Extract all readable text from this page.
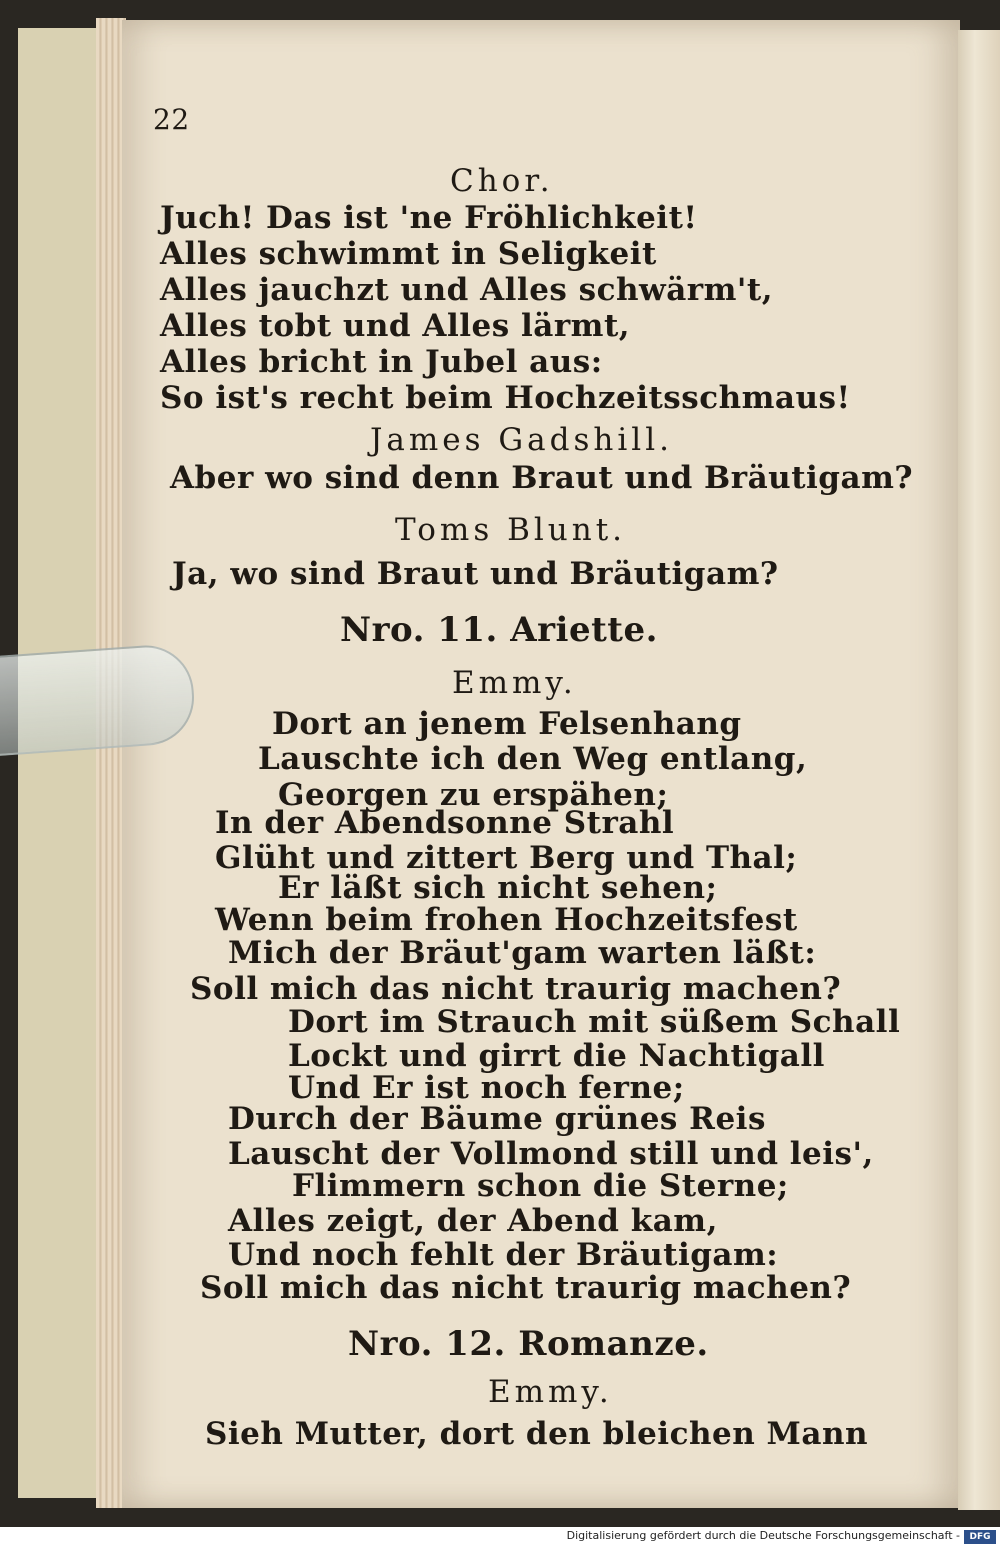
22
Chor.
Juch! Das ist 'ne Fröhlichkeit!
Alles schwimmt in Seligkeit
Alles jauchzt und Alles schwärm't,
Alles tobt und Alles lärmt,
Alles bricht in Jubel aus:
So ist's recht beim Hochzeitsschmaus!
James Gadshill.
Aber wo sind denn Braut und Bräutigam?
Toms Blunt.
Ja, wo sind Braut und Bräutigam?
Nro. 11. Ariette.
Emmy.
Dort an jenem Felsenhang
Lauschte ich den Weg entlang,
Georgen zu erspähen;
In der Abendsonne Strahl
Glüht und zittert Berg und Thal;
Er läßt sich nicht sehen;
Wenn beim frohen Hochzeitsfest
Mich der Bräut'gam warten läßt:
Soll mich das nicht traurig machen?
Dort im Strauch mit süßem Schall
Lockt und girrt die Nachtigall
Und Er ist noch ferne;
Durch der Bäume grünes Reis
Lauscht der Vollmond still und leis',
Flimmern schon die Sterne;
Alles zeigt, der Abend kam,
Und noch fehlt der Bräutigam:
Soll mich das nicht traurig machen?
Nro. 12. Romanze.
Emmy.
Sieh Mutter, dort den bleichen Mann
Digitalisierung gefördert durch die Deutsche Forschungsgemeinschaft -	DFG
